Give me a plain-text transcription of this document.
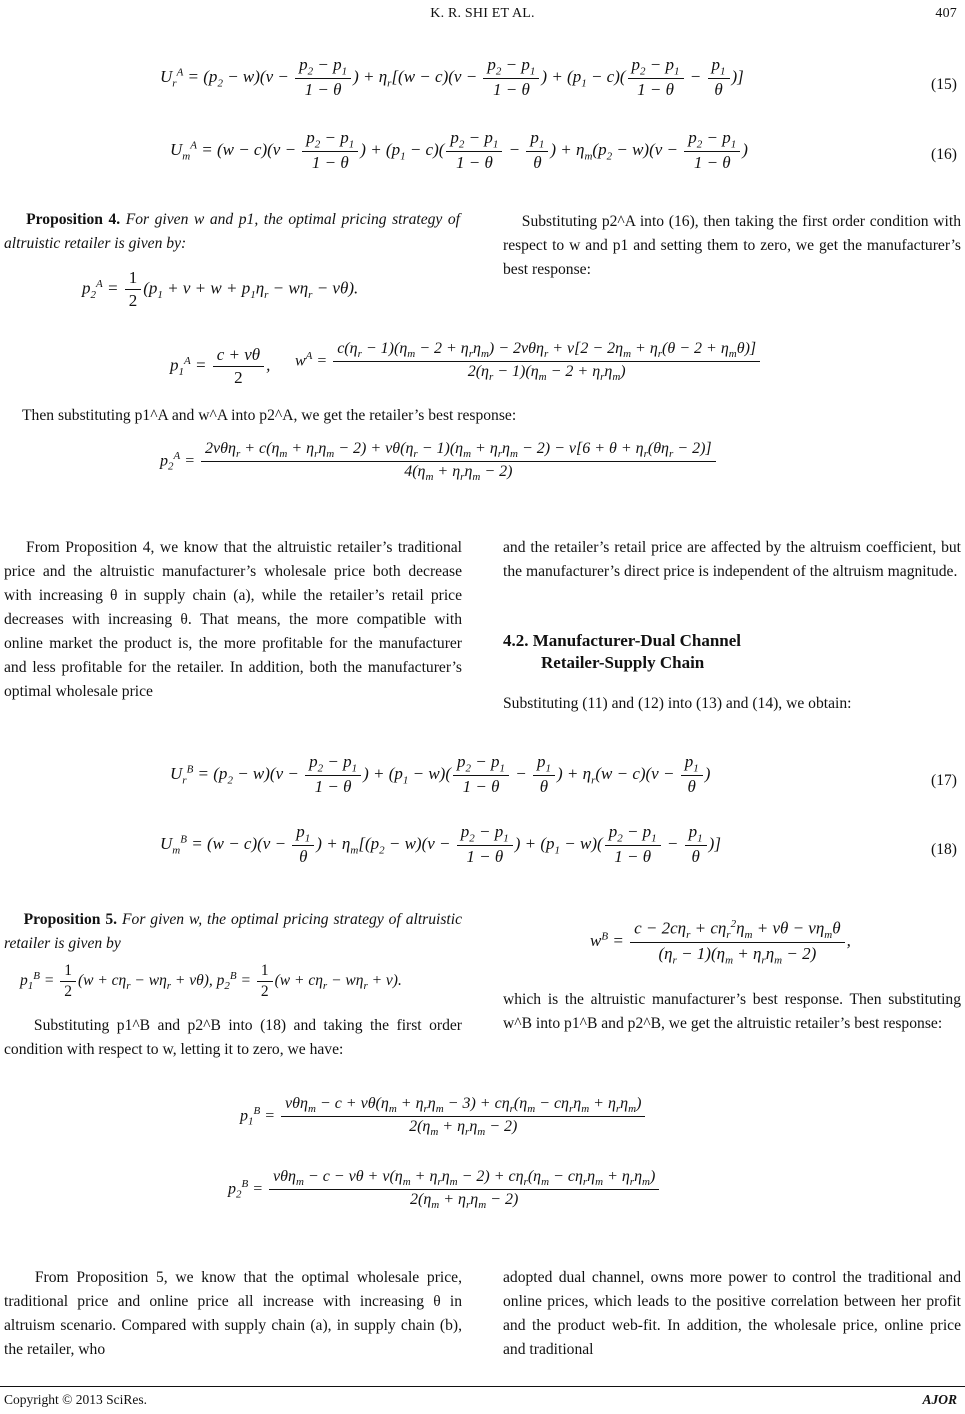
K. R. SHI ET AL.	407
$U_r^A = (p_2 - w)(v - \frac{p_2 - p_1}{1 - \theta}$ ) + $\eta_r[(w - c)(v - \frac{p_2 - p_1}{1 - \theta}$ ) + $(p_1 - c)( \frac{p_2 - p_1}{1 - \theta} - \frac{p_1}{\theta}$ )]	(15)
$U_m^A = (w - c)(v - \frac{p_2 - p_1}{1 - \theta}$ ) + $(p_1 - c)( \frac{p_2 - p_1}{1 - \theta} - \frac{p_1}{\theta}$ ) + $\eta_m(p_2 - w)(v - \frac{p_2 - p_1}{1 - \theta}$ )	(16)
Proposition 4. For given w and p1, the optimal pricing strategy of altruistic retailer is given by:
$p_2^A = \frac{1}{2} (p_1 + v + w + p_1\eta_r - w\eta_r - v\theta)$.
Substituting p2^A into (16), then taking the first order condition with respect to w and p1 and setting them to zero, we get the manufacturer’s best response:
$p_1^A = \frac{c + v\theta}{2}$ , $w^A$ =
$c(\eta_r - 1)(\eta_m - 2 + \eta_r\eta_m) - 2v\theta\eta_r + v[2 - 2\eta_m + \eta_r(\theta - 2 + \eta_m\theta)]$
$2(\eta_r - 1)(\eta_m - 2 + \eta_r\eta_m)$
Then substituting p1^A and w^A into p2^A, we get the retailer’s best response:
$p_2^A$ =
$2v\theta\eta_r + c(\eta_m + \eta_r\eta_m - 2) + v\theta(\eta_r - 1)(\eta_m + \eta_r\eta_m - 2) - v[6 + \theta + \eta_r(\theta\eta_r - 2)]$
$4(\eta_m + \eta_r\eta_m - 2)$
From Proposition 4, we know that the altruistic retailer’s traditional price and the altruistic manufacturer’s wholesale price both decrease with increasing θ in supply chain (a), while the retailer’s retail price decreases with increasing θ. That means, the more compatible with online market the product is, the more profitable for the manufacturer and less profitable for the retailer. In addition, both the manufacturer’s optimal wholesale price
and the retailer’s retail price are affected by the altruism coefficient, but the manufacturer’s direct price is independent of the altruism magnitude.
4.2. Manufacturer-Dual Channel
Retailer-Supply Chain
Substituting (11) and (12) into (13) and (14), we obtain:
$U_r^B = (p_2 - w)(v - \frac{p_2 - p_1}{1 - \theta}$ ) + $(p_1 - w)( \frac{p_2 - p_1}{1 - \theta} - \frac{p_1}{\theta}$ ) + $\eta_r(w - c)(v - \frac{p_1}{\theta}$ )	(17)
$U_m^B = (w - c)(v - \frac{p_1}{\theta}$ ) + $\eta_m[(p_2 - w)(v - \frac{p_2 - p_1}{1 - \theta}$ ) + $(p_1 - w)( \frac{p_2 - p_1}{1 - \theta} - \frac{p_1}{\theta}$ )]	(18)
Proposition 5. For given w, the optimal pricing strategy of altruistic retailer is given by
$p_1^B = \frac{1}{2} (w + c\eta_r - w\eta_r + v\theta)$, $p_2^B = \frac{1}{2} (w + c\eta_r - w\eta_r + v)$.
Substituting p1^B and p2^B into (18) and taking the first order condition with respect to w, letting it to zero, we have:
$w^B = \frac{c - 2c\eta_r + c\eta_r^2\eta_m + v\theta - v\eta_m\theta}{(\eta_r - 1)(\eta_m + \eta_r\eta_m - 2)}$ ,
which is the altruistic manufacturer’s best response. Then substituting w^B into p1^B and p2^B, we get the altruistic retailer’s best response:
$p_1^B = \frac{v\theta\eta_m - c + v\theta(\eta_m + \eta_r\eta_m - 3) + c\eta_r(\eta_m - c\eta_r\eta_m + \eta_r\eta_m)}{2(\eta_m + \eta_r\eta_m - 2)}$
$p_2^B = \frac{v\theta\eta_m - c - v\theta + v(\eta_m + \eta_r\eta_m - 2) + c\eta_r(\eta_m - c\eta_r\eta_m + \eta_r\eta_m)}{2(\eta_m + \eta_r\eta_m - 2)}$
From Proposition 5, we know that the optimal wholesale price, traditional price and online price all increase with increasing θ in altruism scenario. Compared with supply chain (a), in supply chain (b), the retailer, who
adopted dual channel, owns more power to control the traditional and online prices, which leads to the positive correlation between her profit and the product web-fit. In addition, the wholesale price, online price and traditional
Copyright © 2013 SciRes.	AJOR
